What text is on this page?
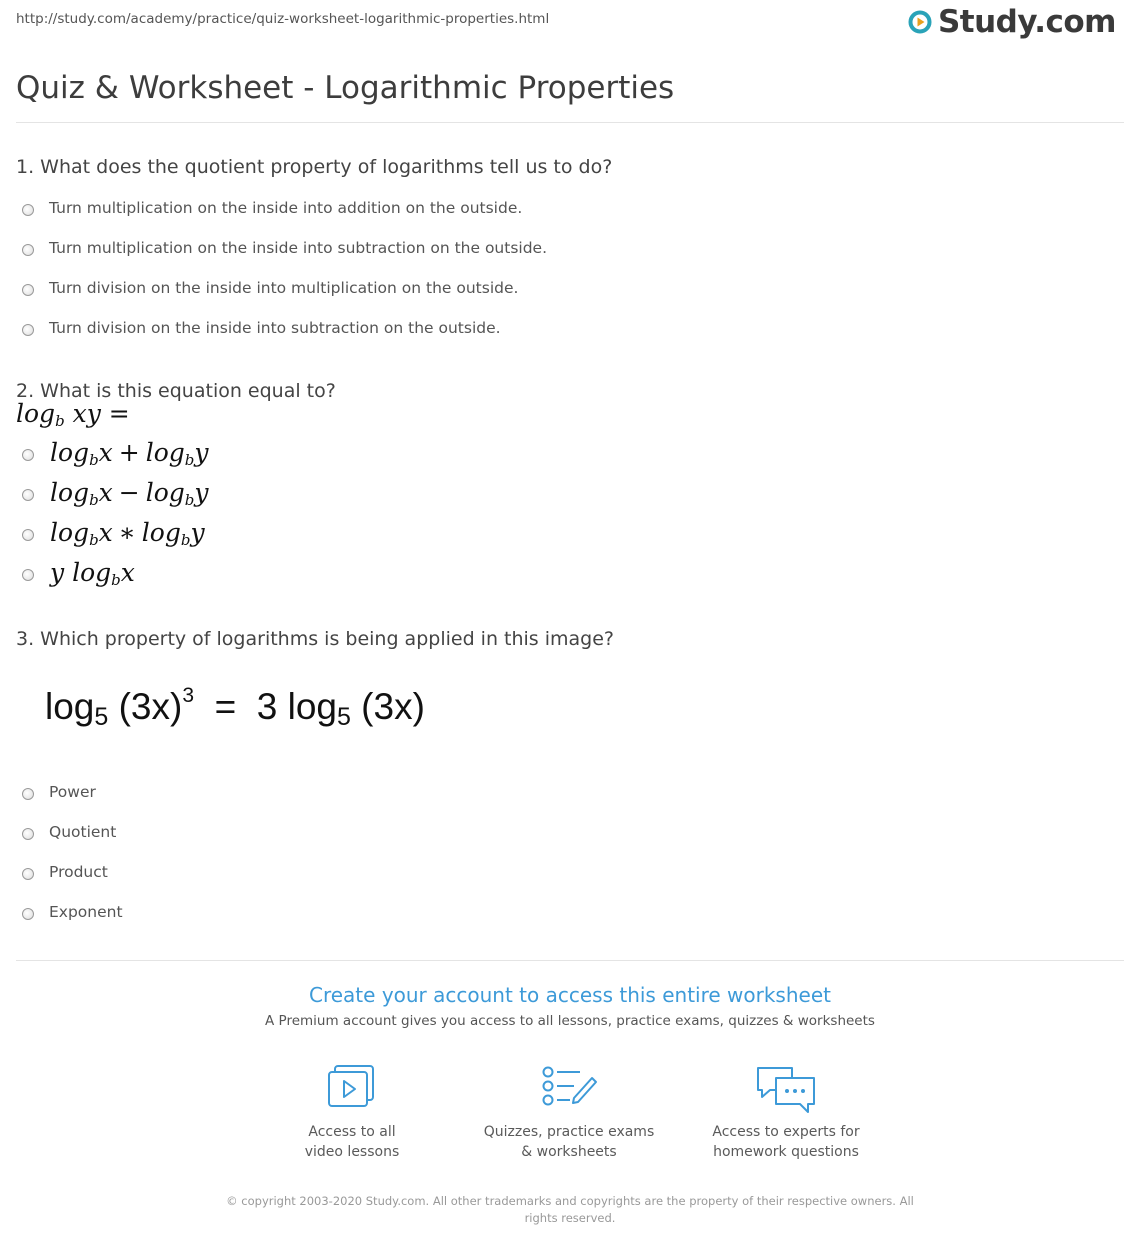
http://study.com/academy/practice/quiz-worksheet-logarithmic-properties.html	Study.com
Quiz & Worksheet - Logarithmic Properties
1. What does the quotient property of logarithms tell us to do?
Turn multiplication on the inside into addition on the outside.
Turn multiplication on the inside into subtraction on the outside.
Turn division on the inside into multiplication on the outside.
Turn division on the inside into subtraction on the outside.
2. What is this equation equal to?
$\log_b$ xy =
$\log_bx + \log_by$
$\log_bx - \log_by$
$\log_bx$ ∗ $\log_by$
y $\log_bx$
3. Which property of logarithms is being applied in this image?
$\log_5 (3x)^3 = 3$ $\log_5 (3x)$
Power
Quotient
Product
Exponent
Create your account to access this entire worksheet
A Premium account gives you access to all lessons, practice exams, quizzes & worksheets
Access to all
video lessons
Quizzes, practice exams
& worksheets
Access to experts for
homework questions
© copyright 2003-2020 Study.com. All other trademarks and copyrights are the property of their respective owners. All rights reserved.
